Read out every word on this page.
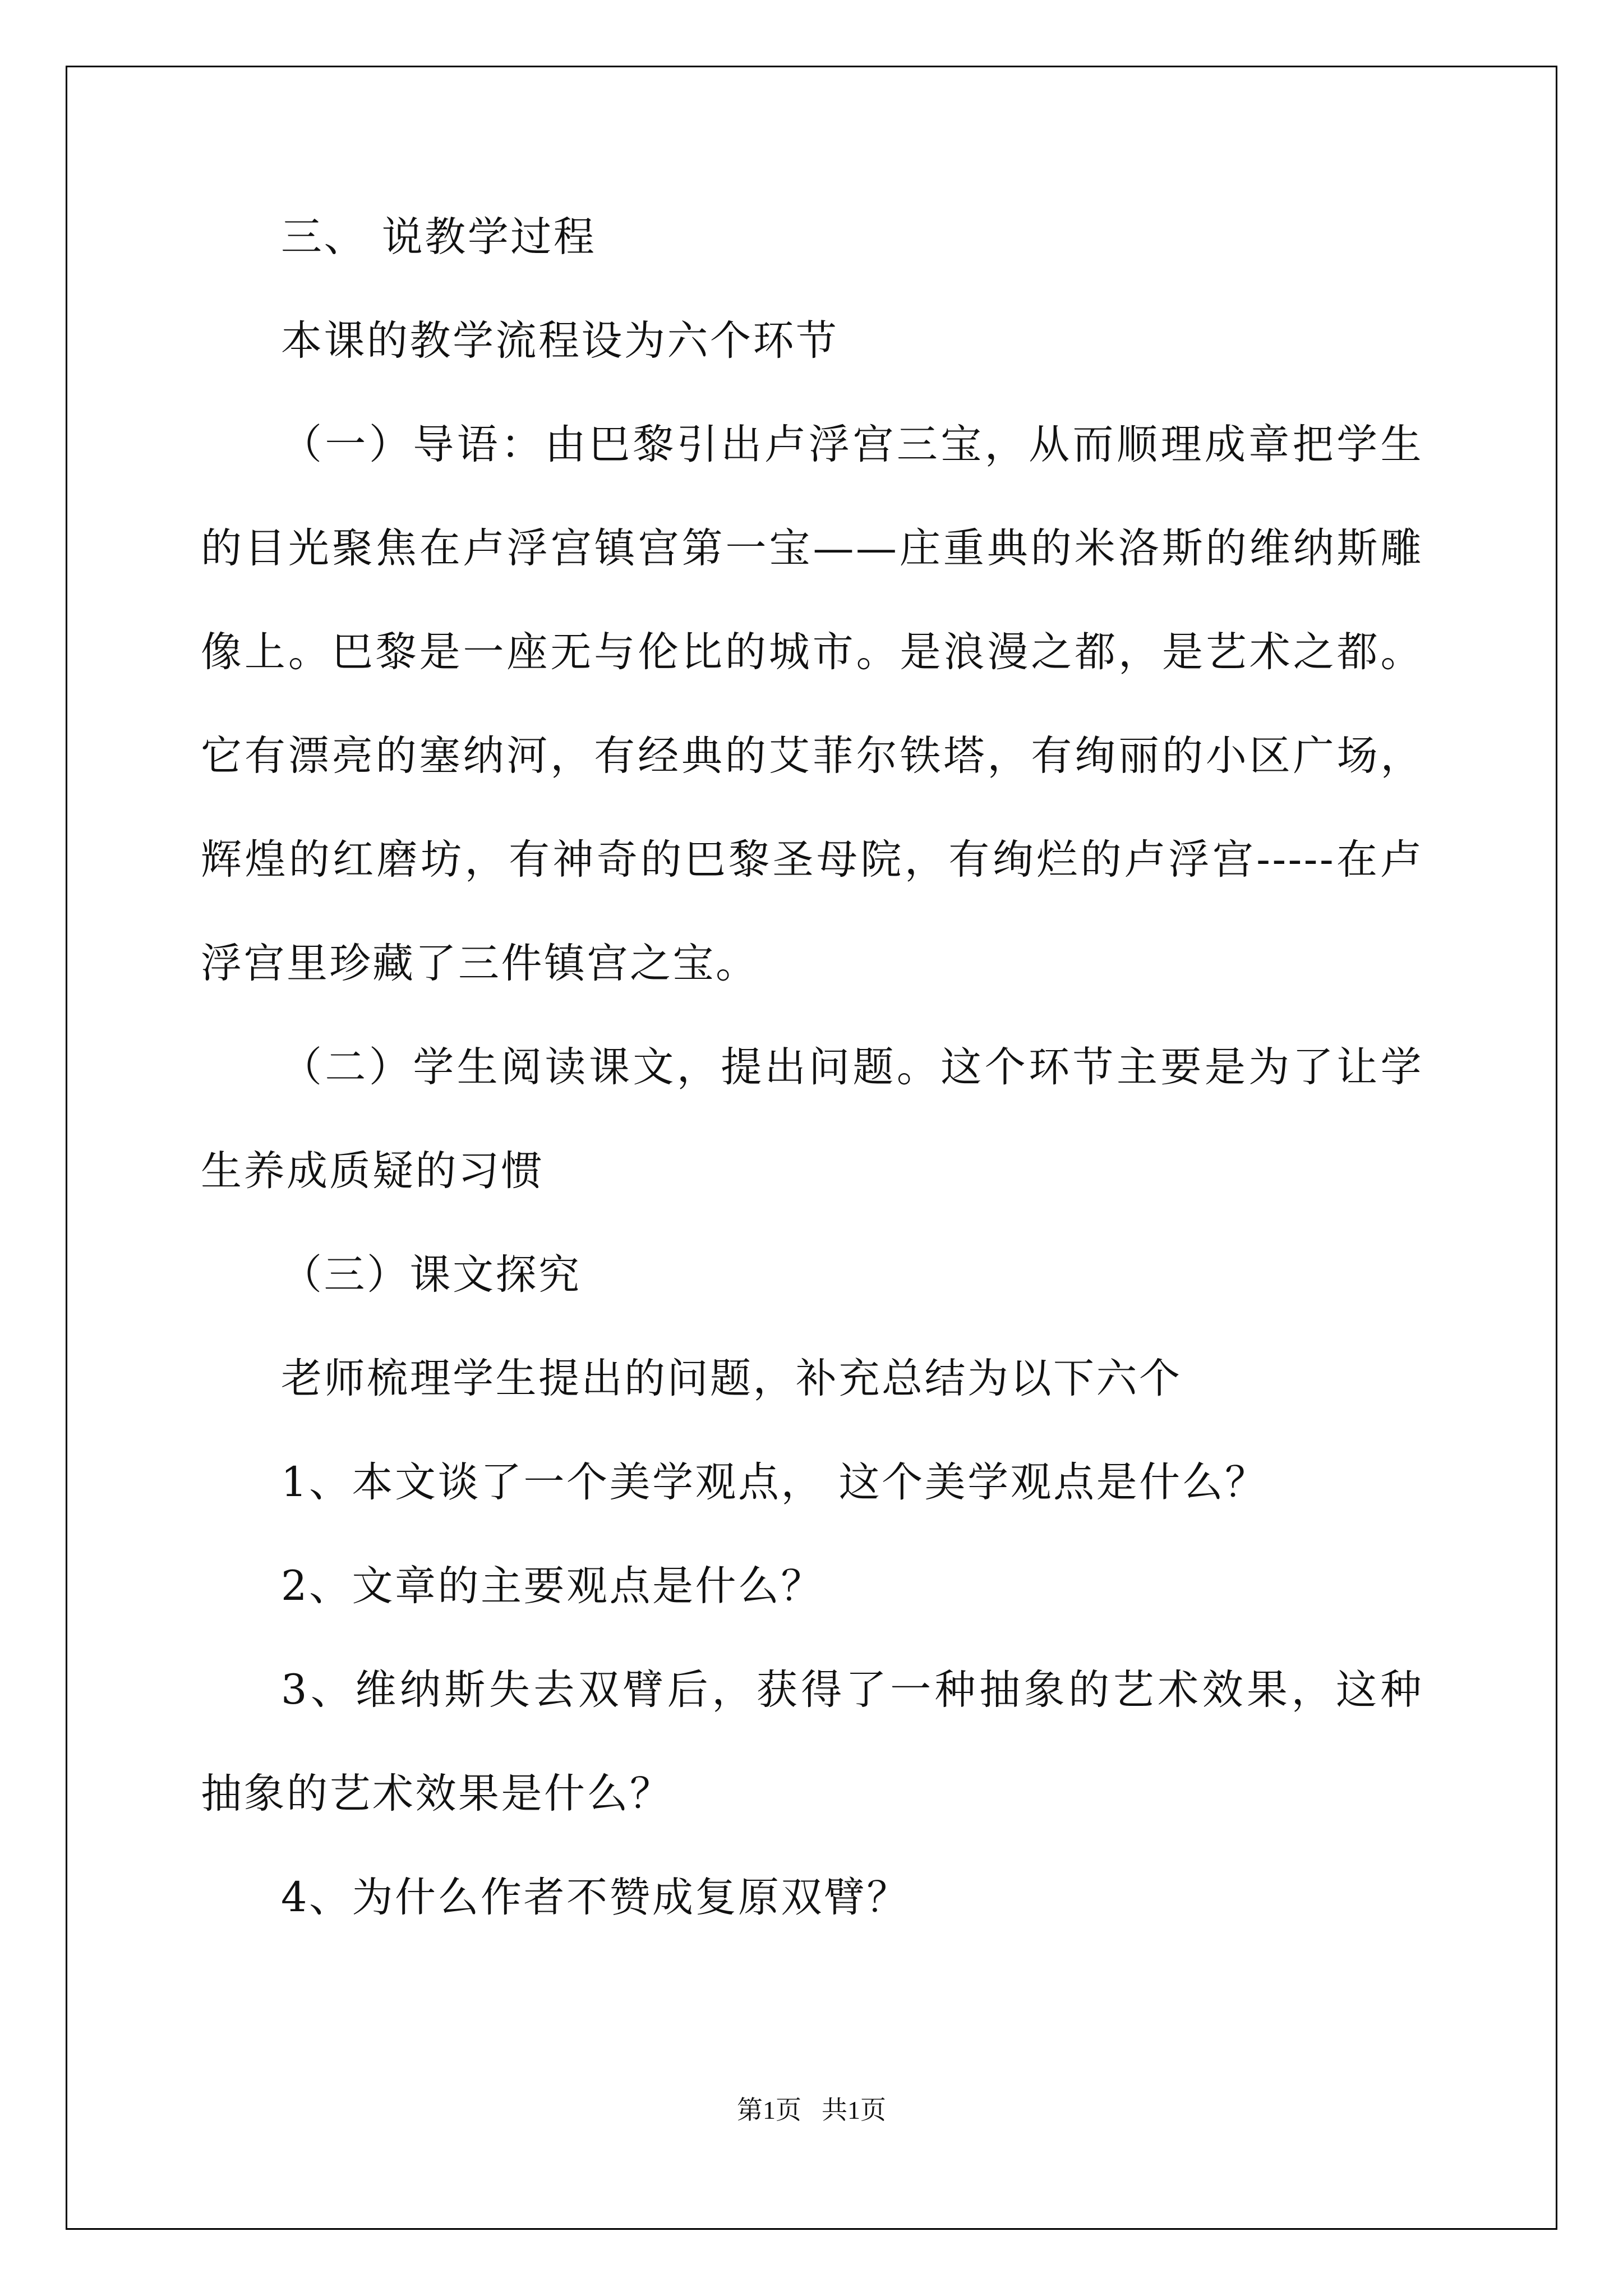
三、 说教学过程

本课的教学流程设为六个环节

（一）导语：由巴黎引出卢浮宫三宝，从而顺理成章把学生的目光聚焦在卢浮宫镇宫第一宝——庄重典的米洛斯的维纳斯雕像上。巴黎是一座无与伦比的城市。是浪漫之都，是艺术之都。它有漂亮的塞纳河，有经典的艾菲尔铁塔，有绚丽的小区广场，辉煌的红磨坊，有神奇的巴黎圣母院，有绚烂的卢浮宫-----在卢浮宫里珍藏了三件镇宫之宝。

（二）学生阅读课文，提出问题。这个环节主要是为了让学生养成质疑的习惯

（三）课文探究

老师梳理学生提出的问题，补充总结为以下六个

1、本文谈了一个美学观点， 这个美学观点是什么？

2、文章的主要观点是什么？

3、维纳斯失去双臂后，获得了一种抽象的艺术效果，这种抽象的艺术效果是什么？

4、为什么作者不赞成复原双臂？

第1页 共1页
